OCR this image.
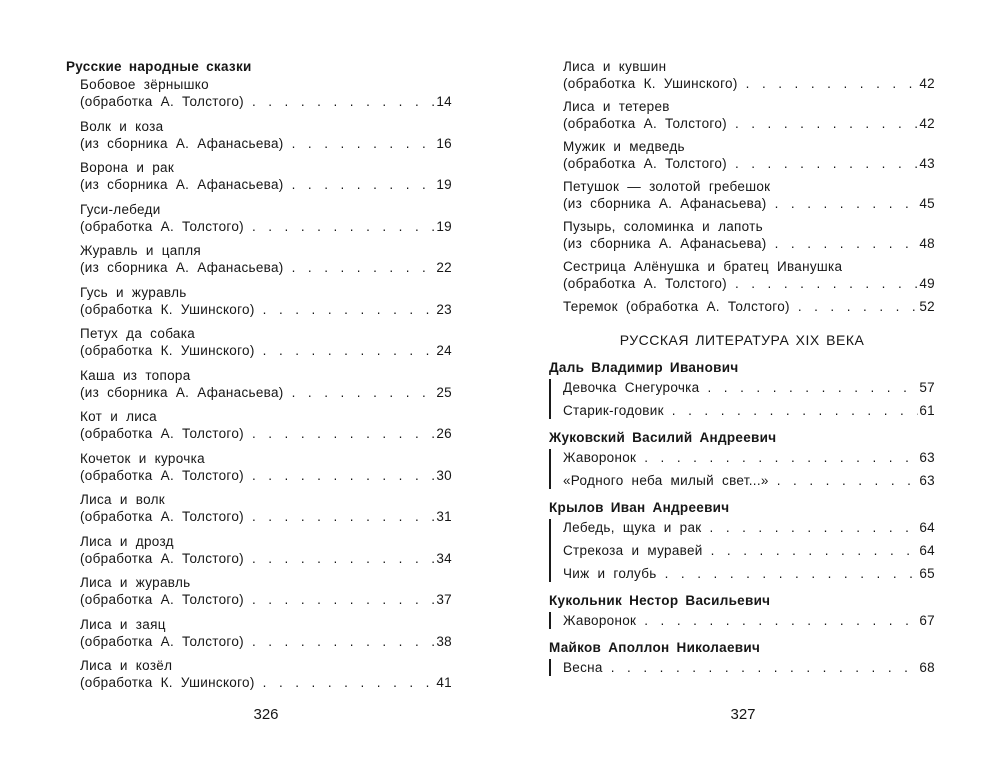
Русские народные сказки
Бобовое зёрнышко
(обработка А. Толстого) . . .	14
Волк и коза
(из сборника А. Афанасьева) . . .	16
Ворона и рак
(из сборника А. Афанасьева) . . .	19
Гуси-лебеди
(обработка А. Толстого) . . .	19
Журавль и цапля
(из сборника А. Афанасьева) . . .	22
Гусь и журавль
(обработка К. Ушинского) . . .	23
Петух да собака
(обработка К. Ушинского) . . .	24
Каша из топора
(из сборника А. Афанасьева) . . .	25
Кот и лиса
(обработка А. Толстого) . . .	26
Кочеток и курочка
(обработка А. Толстого) . . .	30
Лиса и волк
(обработка А. Толстого) . . .	31
Лиса и дрозд
(обработка А. Толстого) . . .	34
Лиса и журавль
(обработка А. Толстого) . . .	37
Лиса и заяц
(обработка А. Толстого) . . .	38
Лиса и козёл
(обработка К. Ушинского) . . .	41
326
Лиса и кувшин
(обработка К. Ушинского) . . .	42
Лиса и тетерев
(обработка А. Толстого) . . .	42
Мужик и медведь
(обработка А. Толстого) . . .	43
Петушок — золотой гребешок
(из сборника А. Афанасьева) . . .	45
Пузырь, соломинка и лапоть
(из сборника А. Афанасьева) . . .	48
Сестрица Алёнушка и братец Иванушка
(обработка А. Толстого) . . .	49
Теремок (обработка А. Толстого) . . .	52
РУССКАЯ ЛИТЕРАТУРА XIX ВЕКА
Даль Владимир Иванович
Девочка Снегурочка . . .	57
Старик-годовик . . .	61
Жуковский Василий Андреевич
Жаворонок . . .	63
«Родного неба милый свет...» . . .	63
Крылов Иван Андреевич
Лебедь, щука и рак . . .	64
Стрекоза и муравей . . .	64
Чиж и голубь . . .	65
Кукольник Нестор Васильевич
Жаворонок . . .	67
Майков Аполлон Николаевич
Весна . . .	68
327
